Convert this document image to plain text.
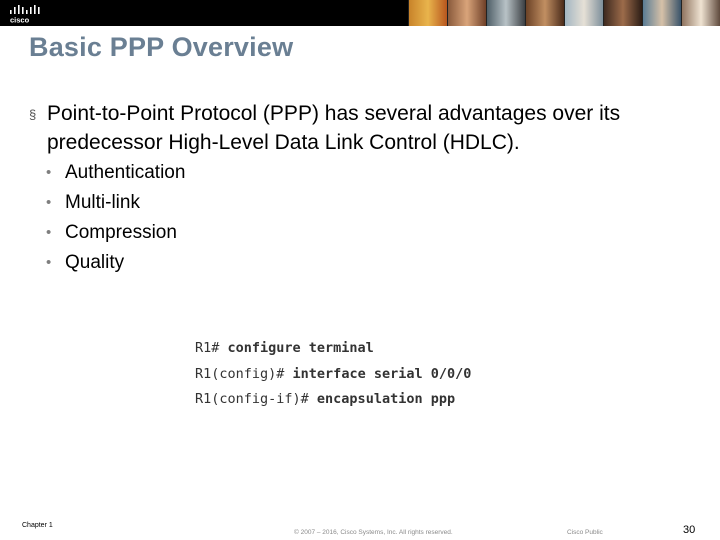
cisco
Basic PPP Overview
§ Point-to-Point Protocol (PPP) has several advantages over its predecessor High-Level Data Link Control (HDLC).
• Authentication
• Multi-link
• Compression
• Quality
R1# configure terminal
R1(config)# interface serial 0/0/0
R1(config-if)# encapsulation ppp
Chapter 1
© 2007 – 2016, Cisco Systems, Inc. All rights reserved.	Cisco Public	30
